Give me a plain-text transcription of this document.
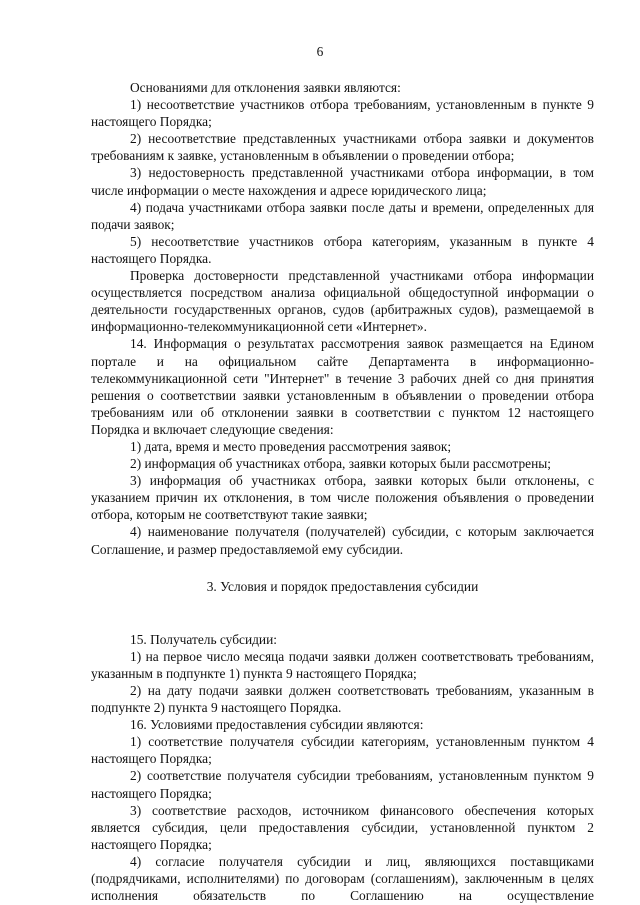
6

Основаниями для отклонения заявки являются:

1) несоответствие участников отбора требованиям, установленным в пункте 9 настоящего Порядка;

2) несоответствие представленных участниками отбора заявки и документов требованиям к заявке, установленным в объявлении о проведении отбора;

3) недостоверность представленной участниками отбора информации, в том числе информации о месте нахождения и адресе юридического лица;

4) подача участниками отбора заявки после даты и времени, определенных для подачи заявок;

5) несоответствие участников отбора категориям, указанным в пункте 4 настоящего Порядка.

Проверка достоверности представленной участниками отбора информации осуществляется посредством анализа официальной общедоступной информации о деятельности государственных органов, судов (арбитражных судов), размещаемой в информационно-телекоммуникационной сети «Интернет».

14. Информация о результатах рассмотрения заявок размещается на Едином портале и на официальном сайте Департамента в информационно-телекоммуникационной сети "Интернет" в течение 3 рабочих дней со дня принятия решения о соответствии заявки установленным в объявлении о проведении отбора требованиям или об отклонении заявки в соответствии с пунктом 12 настоящего Порядка и включает следующие сведения:

1) дата, время и место проведения рассмотрения заявок;

2) информация об участниках отбора, заявки которых были рассмотрены;

3) информация об участниках отбора, заявки которых были отклонены, с указанием причин их отклонения, в том числе положения объявления о проведении отбора, которым не соответствуют такие заявки;

4) наименование получателя (получателей) субсидии, с которым заключается Соглашение, и размер предоставляемой ему субсидии.

3. Условия и порядок предоставления субсидии

15. Получатель субсидии:

1) на первое число месяца подачи заявки должен соответствовать требованиям, указанным в подпункте 1) пункта 9 настоящего Порядка;

2) на дату подачи заявки должен соответствовать требованиям, указанным в подпункте 2) пункта 9 настоящего Порядка.

16. Условиями предоставления субсидии являются:

1) соответствие получателя субсидии категориям, установленным пунктом 4 настоящего Порядка;

2) соответствие получателя субсидии требованиям, установленным пунктом 9 настоящего Порядка;

3) соответствие расходов, источником финансового обеспечения которых является субсидия, цели предоставления субсидии, установленной пунктом 2 настоящего Порядка;

4) согласие получателя субсидии и лиц, являющихся поставщиками (подрядчиками, исполнителями) по договорам (соглашениям), заключенным в целях исполнения обязательств по Соглашению на осуществление
